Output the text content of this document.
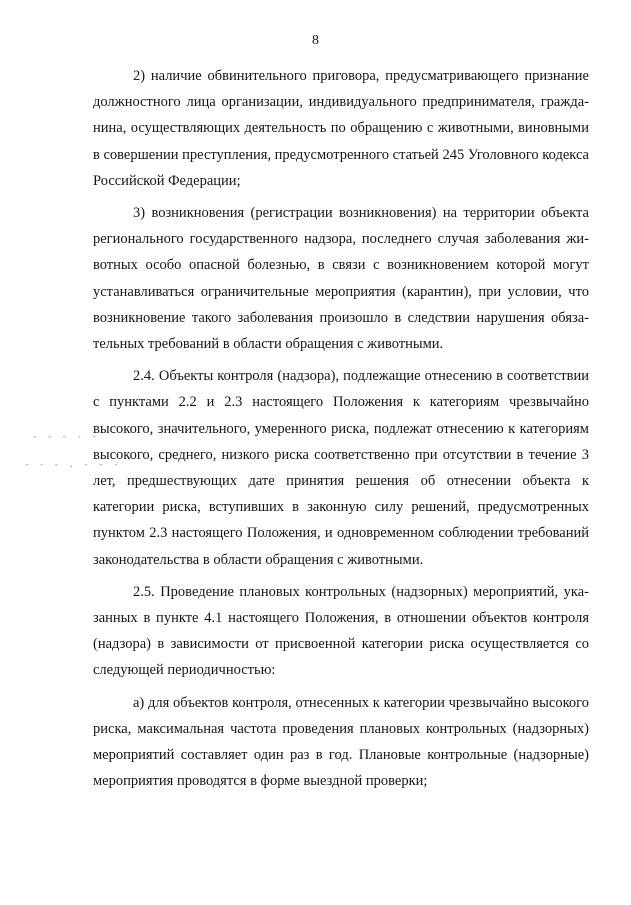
8

2) наличие обвинительного приговора, предусматривающего признание должностного лица организации, индивидуального предпринимателя, гражданина, осуществляющих деятельность по обращению с животными, виновными в совершении преступления, предусмотренного статьей 245 Уголовного кодекса Российской Федерации;

3) возникновения (регистрации возникновения) на территории объекта регионального государственного надзора, последнего случая заболевания животных особо опасной болезнью, в связи с возникновением которой могут устанавливаться ограничительные мероприятия (карантин), при условии, что возникновение такого заболевания произошло в следствии нарушения обязательных требований в области обращения с животными.

2.4. Объекты контроля (надзора), подлежащие отнесению в соответствии с пунктами 2.2 и 2.3 настоящего Положения к категориям чрезвычайно высокого, значительного, умеренного риска, подлежат отнесению к категориям высокого, среднего, низкого риска соответственно при отсутствии в течение 3 лет, предшествующих дате принятия решения об отнесении объекта к категории риска, вступивших в законную силу решений, предусмотренных пунктом 2.3 настоящего Положения, и одновременном соблюдении требований законодательства в области обращения с животными.

2.5. Проведение плановых контрольных (надзорных) мероприятий, указанных в пункте 4.1 настоящего Положения, в отношении объектов контроля (надзора) в зависимости от присвоенной категории риска осуществляется со следующей периодичностью:

а) для объектов контроля, отнесенных к категории чрезвычайно высокого риска, максимальная частота проведения плановых контрольных (надзорных) мероприятий составляет один раз в год. Плановые контрольные (надзорные) мероприятия проводятся в форме выездной проверки;

- - - - -
- - - . - - -
